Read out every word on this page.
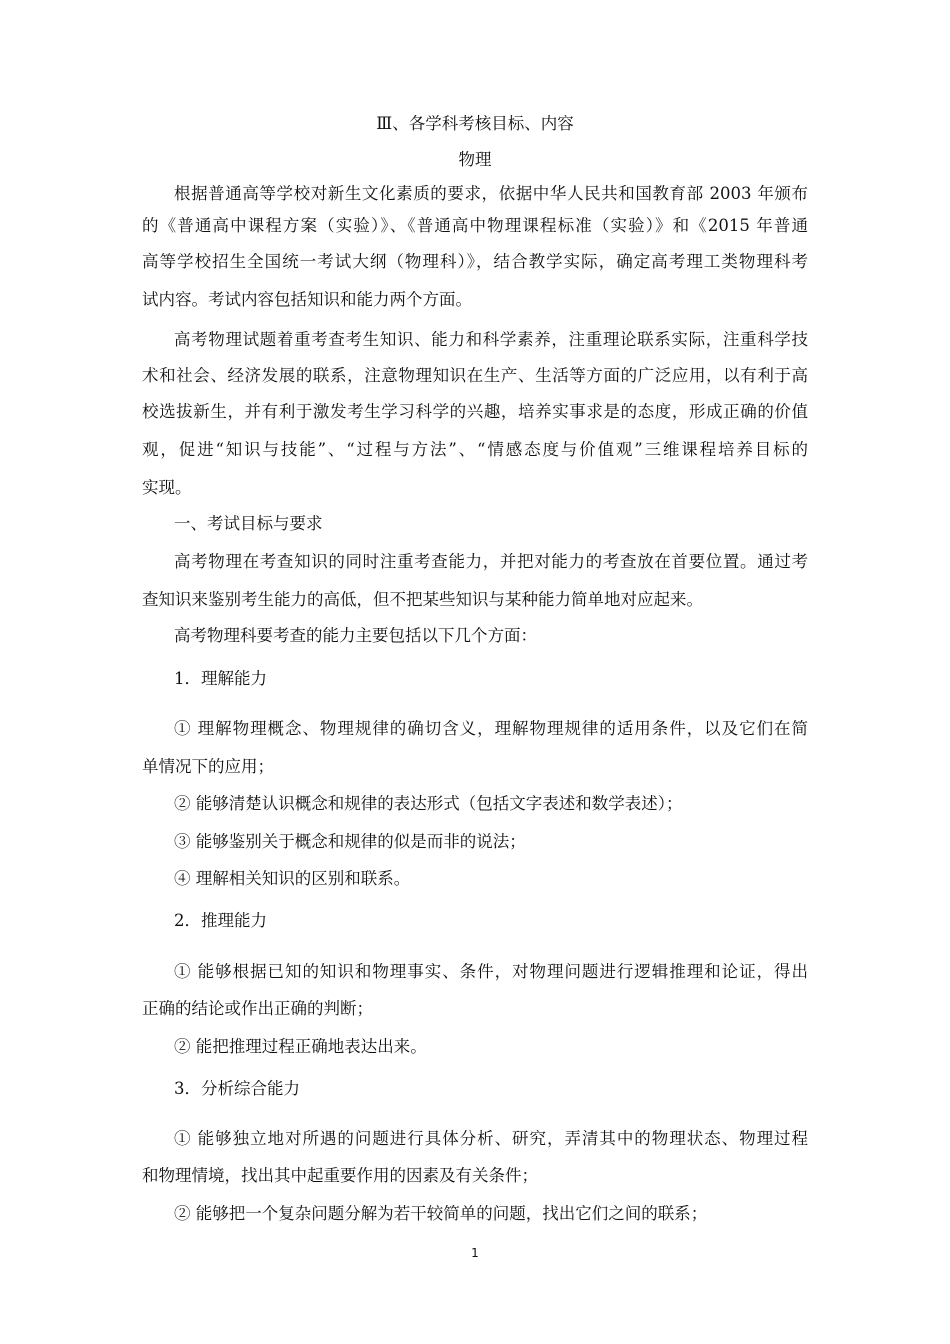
Ⅲ、各学科考核目标、内容
物理
根据普通高等学校对新生文化素质的要求，依据中华人民共和国教育部 2003 年颁布
的《普通高中课程方案（实验）》、《普通高中物理课程标准（实验）》和《2015 年普通
高等学校招生全国统一考试大纲（物理科）》，结合教学实际，确定高考理工类物理科考
试内容。考试内容包括知识和能力两个方面。
高考物理试题着重考查考生知识、能力和科学素养，注重理论联系实际，注重科学技
术和社会、经济发展的联系，注意物理知识在生产、生活等方面的广泛应用，以有利于高
校选拔新生，并有利于激发考生学习科学的兴趣，培养实事求是的态度，形成正确的价值
观，促进“知识与技能”、“过程与方法”、“情感态度与价值观”三维课程培养目标的
实现。
一、考试目标与要求
高考物理在考查知识的同时注重考查能力，并把对能力的考查放在首要位置。通过考
查知识来鉴别考生能力的高低，但不把某些知识与某种能力简单地对应起来。
高考物理科要考查的能力主要包括以下几个方面：
1．理解能力
① 理解物理概念、物理规律的确切含义，理解物理规律的适用条件，以及它们在简
单情况下的应用；
② 能够清楚认识概念和规律的表达形式（包括文字表述和数学表述）；
③ 能够鉴别关于概念和规律的似是而非的说法；
④ 理解相关知识的区别和联系。
2．推理能力
① 能够根据已知的知识和物理事实、条件，对物理问题进行逻辑推理和论证，得出
正确的结论或作出正确的判断；
② 能把推理过程正确地表达出来。
3．分析综合能力
① 能够独立地对所遇的问题进行具体分析、研究，弄清其中的物理状态、物理过程
和物理情境，找出其中起重要作用的因素及有关条件；
② 能够把一个复杂问题分解为若干较简单的问题，找出它们之间的联系；
1
